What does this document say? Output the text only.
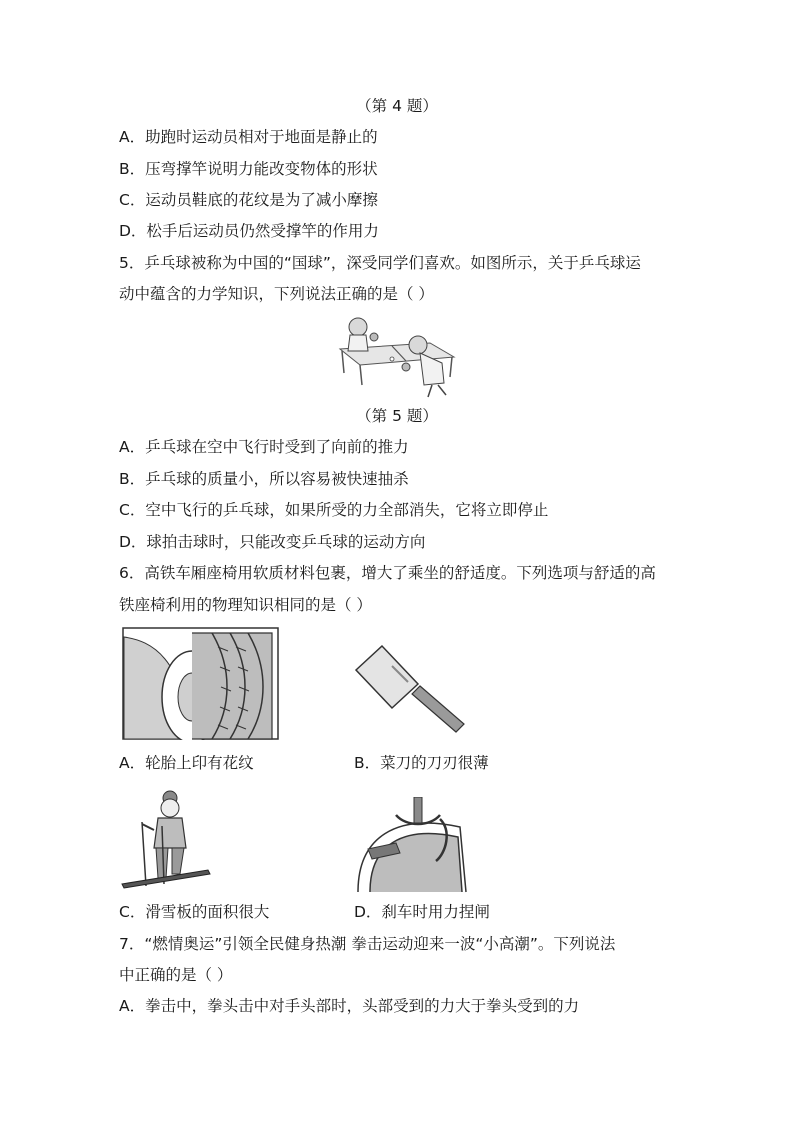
（第 4 题）
A．助跑时运动员相对于地面是静止的
B．压弯撑竿说明力能改变物体的形状
C．运动员鞋底的花纹是为了减小摩擦
D．松手后运动员仍然受撑竿的作用力
5．乒乓球被称为中国的“国球”，深受同学们喜欢。如图所示，关于乒乓球运
动中蕴含的力学知识，下列说法正确的是（ ）
（第 5 题）
A．乒乓球在空中飞行时受到了向前的推力
B．乒乓球的质量小，所以容易被快速抽杀
C．空中飞行的乒乓球，如果所受的力全部消失，它将立即停止
D．球拍击球时，只能改变乒乓球的运动方向
6．高铁车厢座椅用软质材料包裹，增大了乘坐的舒适度。下列选项与舒适的高
铁座椅利用的物理知识相同的是（ ）
A．轮胎上印有花纹	B．菜刀的刀刃很薄
C．滑雪板的面积很大	D．刹车时用力捏闸
7．“燃情奥运”引领全民健身热潮 拳击运动迎来一波“小高潮”。下列说法
中正确的是（ ）
A．拳击中，拳头击中对手头部时，头部受到的力大于拳头受到的力
